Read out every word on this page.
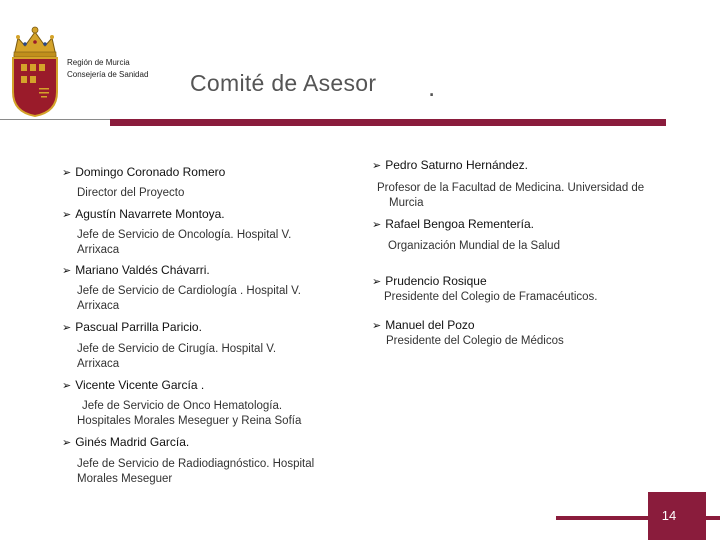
Región de Murcia
Consejería de Sanidad Comité de Asesor .
➢ Domingo Coronado Romero
Director del Proyecto
➢ Agustín Navarrete Montoya.
Jefe de Servicio de Oncología. Hospital V.
Arrixaca
➢ Mariano Valdés Chávarri.
Jefe de Servicio de Cardiología . Hospital V.
Arrixaca
➢ Pascual Parrilla Paricio.
Jefe de Servicio de Cirugía. Hospital V.
Arrixaca
➢ Vicente Vicente García .
Jefe de Servicio de Onco Hematología.
Hospitales Morales Meseguer y Reina Sofía
➢ Ginés Madrid García.
Jefe de Servicio de Radiodiagnóstico. Hospital
Morales Meseguer
➢ Pedro Saturno Hernández.
Profesor de la Facultad de Medicina. Universidad de
Murcia
➢ Rafael Bengoa Rementería.
Organización Mundial de la Salud
➢ Prudencio Rosique
Presidente del Colegio de Framacéuticos.
➢ Manuel del Pozo
Presidente del Colegio de Médicos
14
